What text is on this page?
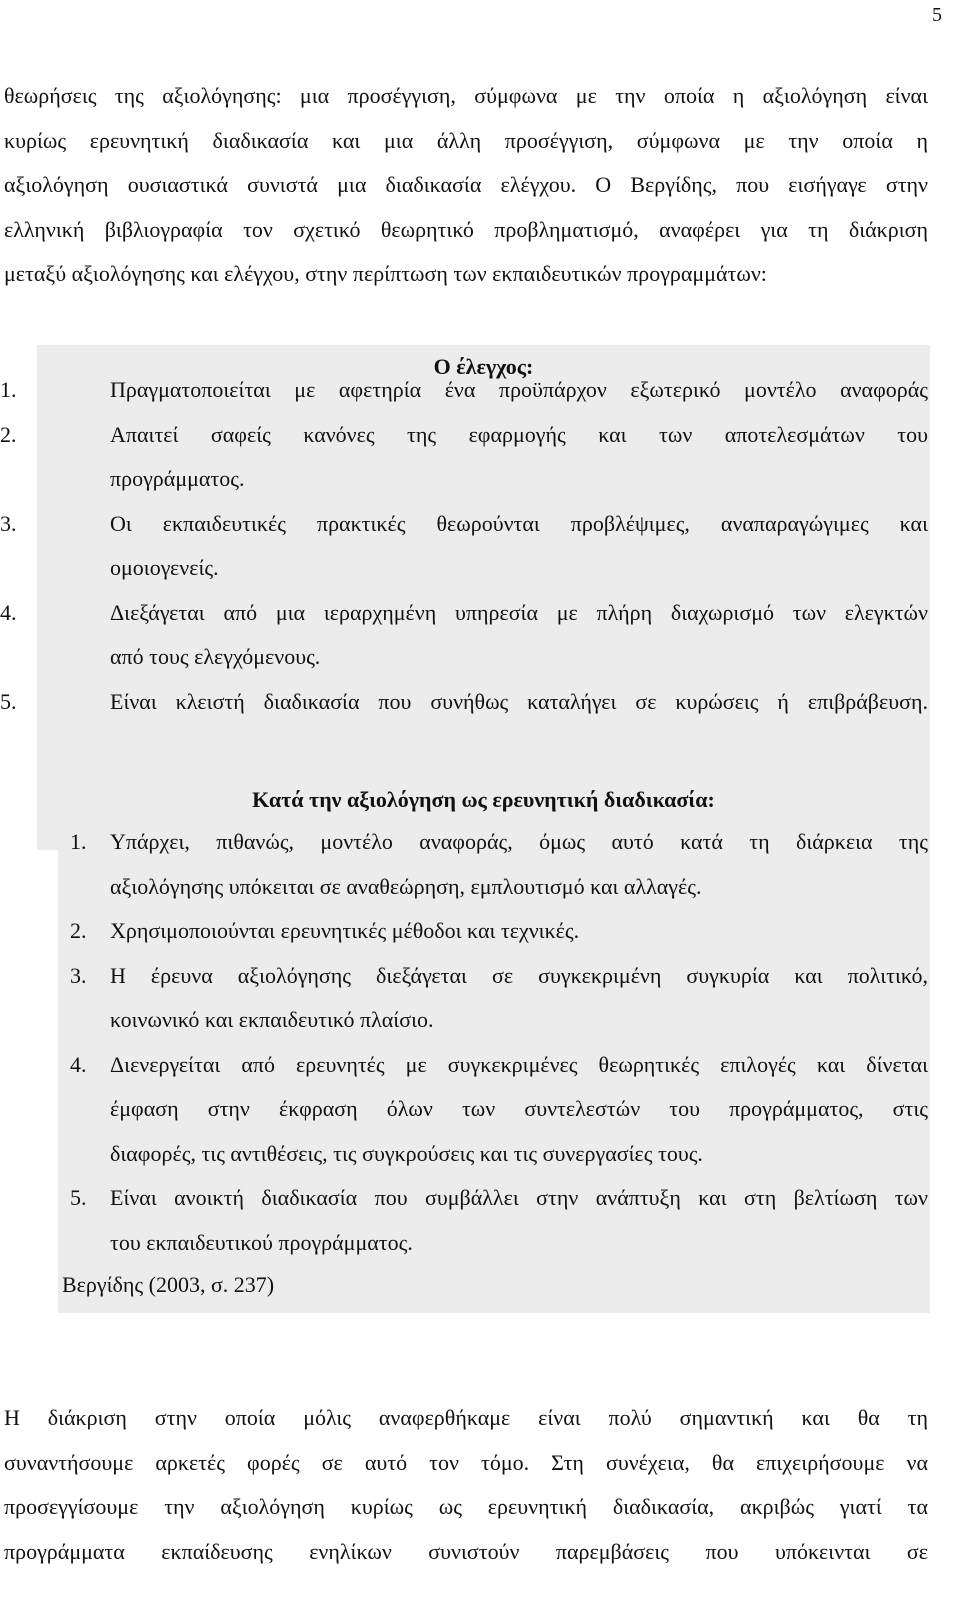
5
θεωρήσεις της αξιολόγησης: μια προσέγγιση, σύμφωνα με την οποία η αξιολόγηση είναι
κυρίως ερευνητική διαδικασία και μια άλλη προσέγγιση, σύμφωνα με την οποία η
αξιολόγηση ουσιαστικά συνιστά μια διαδικασία ελέγχου. Ο Βεργίδης, που εισήγαγε στην
ελληνική βιβλιογραφία τον σχετικό θεωρητικό προβληματισμό, αναφέρει για τη διάκριση
μεταξύ αξιολόγησης και ελέγχου, στην περίπτωση των εκπαιδευτικών προγραμμάτων:
Ο έλεγχος:
1.	Πραγματοποιείται με αφετηρία ένα προϋπάρχον εξωτερικό μοντέλο αναφοράς
2.	Απαιτεί σαφείς κανόνες της εφαρμογής και των αποτελεσμάτων του
προγράμματος.
3.	Οι εκπαιδευτικές πρακτικές θεωρούνται προβλέψιμες, αναπαραγώγιμες και
ομοιογενείς.
4.	Διεξάγεται από μια ιεραρχημένη υπηρεσία με πλήρη διαχωρισμό των ελεγκτών
από τους ελεγχόμενους.
5.	Είναι κλειστή διαδικασία που συνήθως καταλήγει σε κυρώσεις ή επιβράβευση.
Κατά την αξιολόγηση ως ερευνητική διαδικασία:
1. Υπάρχει, πιθανώς, μοντέλο αναφοράς, όμως αυτό κατά τη διάρκεια της
αξιολόγησης υπόκειται σε αναθεώρηση, εμπλουτισμό και αλλαγές.
2. Χρησιμοποιούνται ερευνητικές μέθοδοι και τεχνικές.
3. Η έρευνα αξιολόγησης διεξάγεται σε συγκεκριμένη συγκυρία και πολιτικό,
κοινωνικό και εκπαιδευτικό πλαίσιο.
4. Διενεργείται από ερευνητές με συγκεκριμένες θεωρητικές επιλογές και δίνεται
έμφαση στην έκφραση όλων των συντελεστών του προγράμματος, στις
διαφορές, τις αντιθέσεις, τις συγκρούσεις και τις συνεργασίες τους.
5. Είναι ανοικτή διαδικασία που συμβάλλει στην ανάπτυξη και στη βελτίωση των
του εκπαιδευτικού προγράμματος.
Βεργίδης (2003, σ. 237)
Η διάκριση στην οποία μόλις αναφερθήκαμε είναι πολύ σημαντική και θα τη
συναντήσουμε αρκετές φορές σε αυτό τον τόμο. Στη συνέχεια, θα επιχειρήσουμε να
προσεγγίσουμε την αξιολόγηση κυρίως ως ερευνητική διαδικασία, ακριβώς γιατί τα
προγράμματα εκπαίδευσης ενηλίκων συνιστούν παρεμβάσεις που υπόκεινται σε
